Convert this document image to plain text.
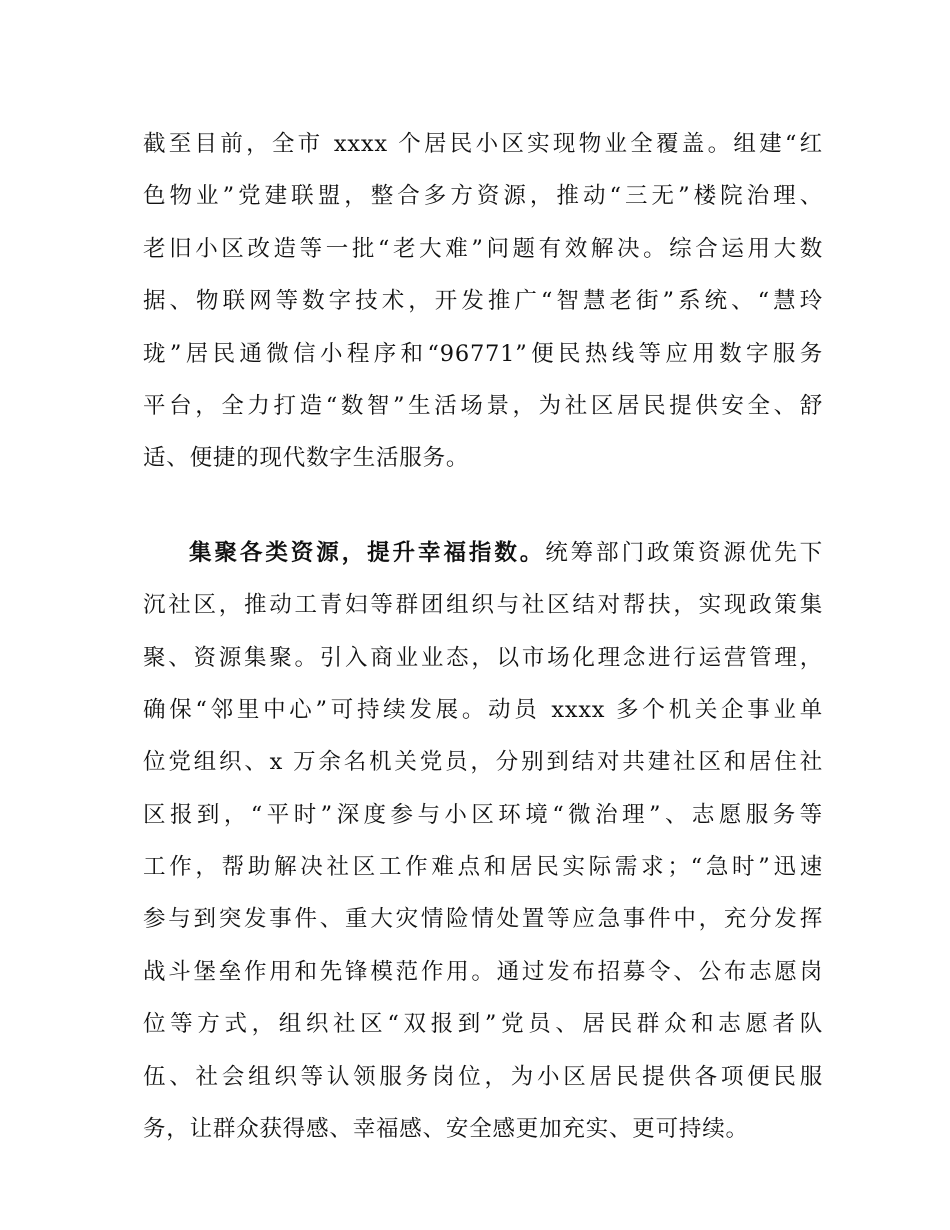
截至目前，全市 xxxx 个居民小区实现物业全覆盖。组建“红
色物业”党建联盟，整合多方资源，推动“三无”楼院治理、
老旧小区改造等一批“老大难”问题有效解决。综合运用大数
据、物联网等数字技术，开发推广“智慧老街”系统、“慧玲
珑”居民通微信小程序和“96771”便民热线等应用数字服务
平台，全力打造“数智”生活场景，为社区居民提供安全、舒
适、便捷的现代数字生活服务。
集聚各类资源，提升幸福指数。统筹部门政策资源优先下
沉社区，推动工青妇等群团组织与社区结对帮扶，实现政策集
聚、资源集聚。引入商业业态，以市场化理念进行运营管理，
确保“邻里中心”可持续发展。动员 xxxx 多个机关企事业单
位党组织、x 万余名机关党员，分别到结对共建社区和居住社
区报到，“平时”深度参与小区环境“微治理”、志愿服务等
工作，帮助解决社区工作难点和居民实际需求；“急时”迅速
参与到突发事件、重大灾情险情处置等应急事件中，充分发挥
战斗堡垒作用和先锋模范作用。通过发布招募令、公布志愿岗
位等方式，组织社区“双报到”党员、居民群众和志愿者队
伍、社会组织等认领服务岗位，为小区居民提供各项便民服
务，让群众获得感、幸福感、安全感更加充实、更可持续。
